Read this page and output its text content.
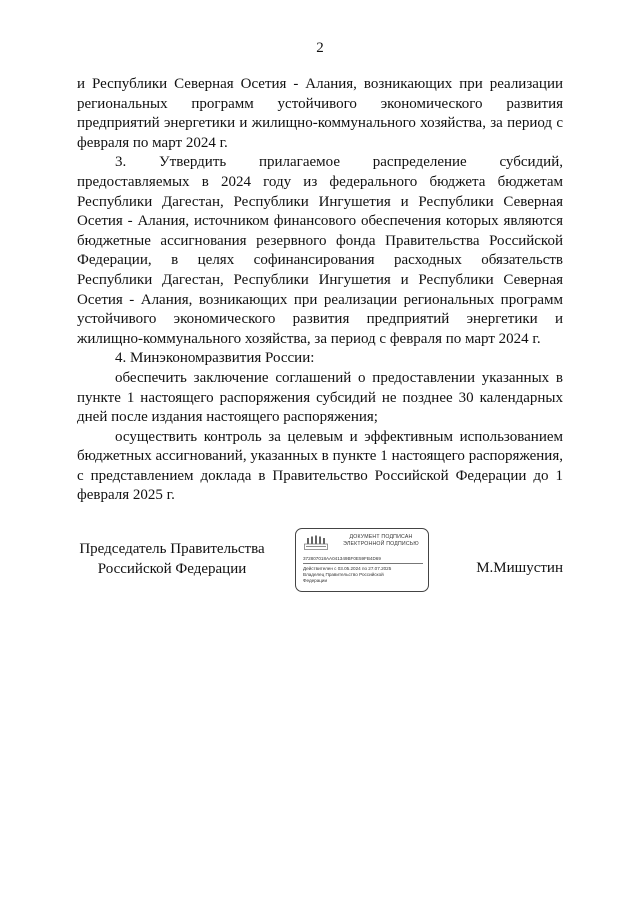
2

и Республики Северная Осетия - Алания, возникающих при реализации региональных программ устойчивого экономического развития предприятий энергетики и жилищно-коммунального хозяйства, за период с февраля по март 2024 г.

3. Утвердить прилагаемое распределение субсидий, предоставляемых в 2024 году из федерального бюджета бюджетам Республики Дагестан, Республики Ингушетия и Республики Северная Осетия - Алания, источником финансового обеспечения которых являются бюджетные ассигнования резервного фонда Правительства Российской Федерации, в целях софинансирования расходных обязательств Республики Дагестан, Республики Ингушетия и Республики Северная Осетия - Алания, возникающих при реализации региональных программ устойчивого экономического развития предприятий энергетики и жилищно-коммунального хозяйства, за период с февраля по март 2024 г.

4. Минэкономразвития России:

обеспечить заключение соглашений о предоставлении указанных в пункте 1 настоящего распоряжения субсидий не позднее 30 календарных дней после издания настоящего распоряжения;

осуществить контроль за целевым и эффективным использованием бюджетных ассигнований, указанных в пункте 1 настоящего распоряжения, с представлением доклада в Правительство Российской Федерации до 1 февраля 2025 г.

Председатель Правительства
Российской Федерации
ДОКУМЕНТ ПОДПИСАН
ЭЛЕКТРОННОЙ ПОДПИСЬЮ
372807018AA041349BF0E59FB4D69
Действителен с 03.05.2024 по 27.07.2025
Владелец Правительство Российской
Федерации
М.Мишустин
